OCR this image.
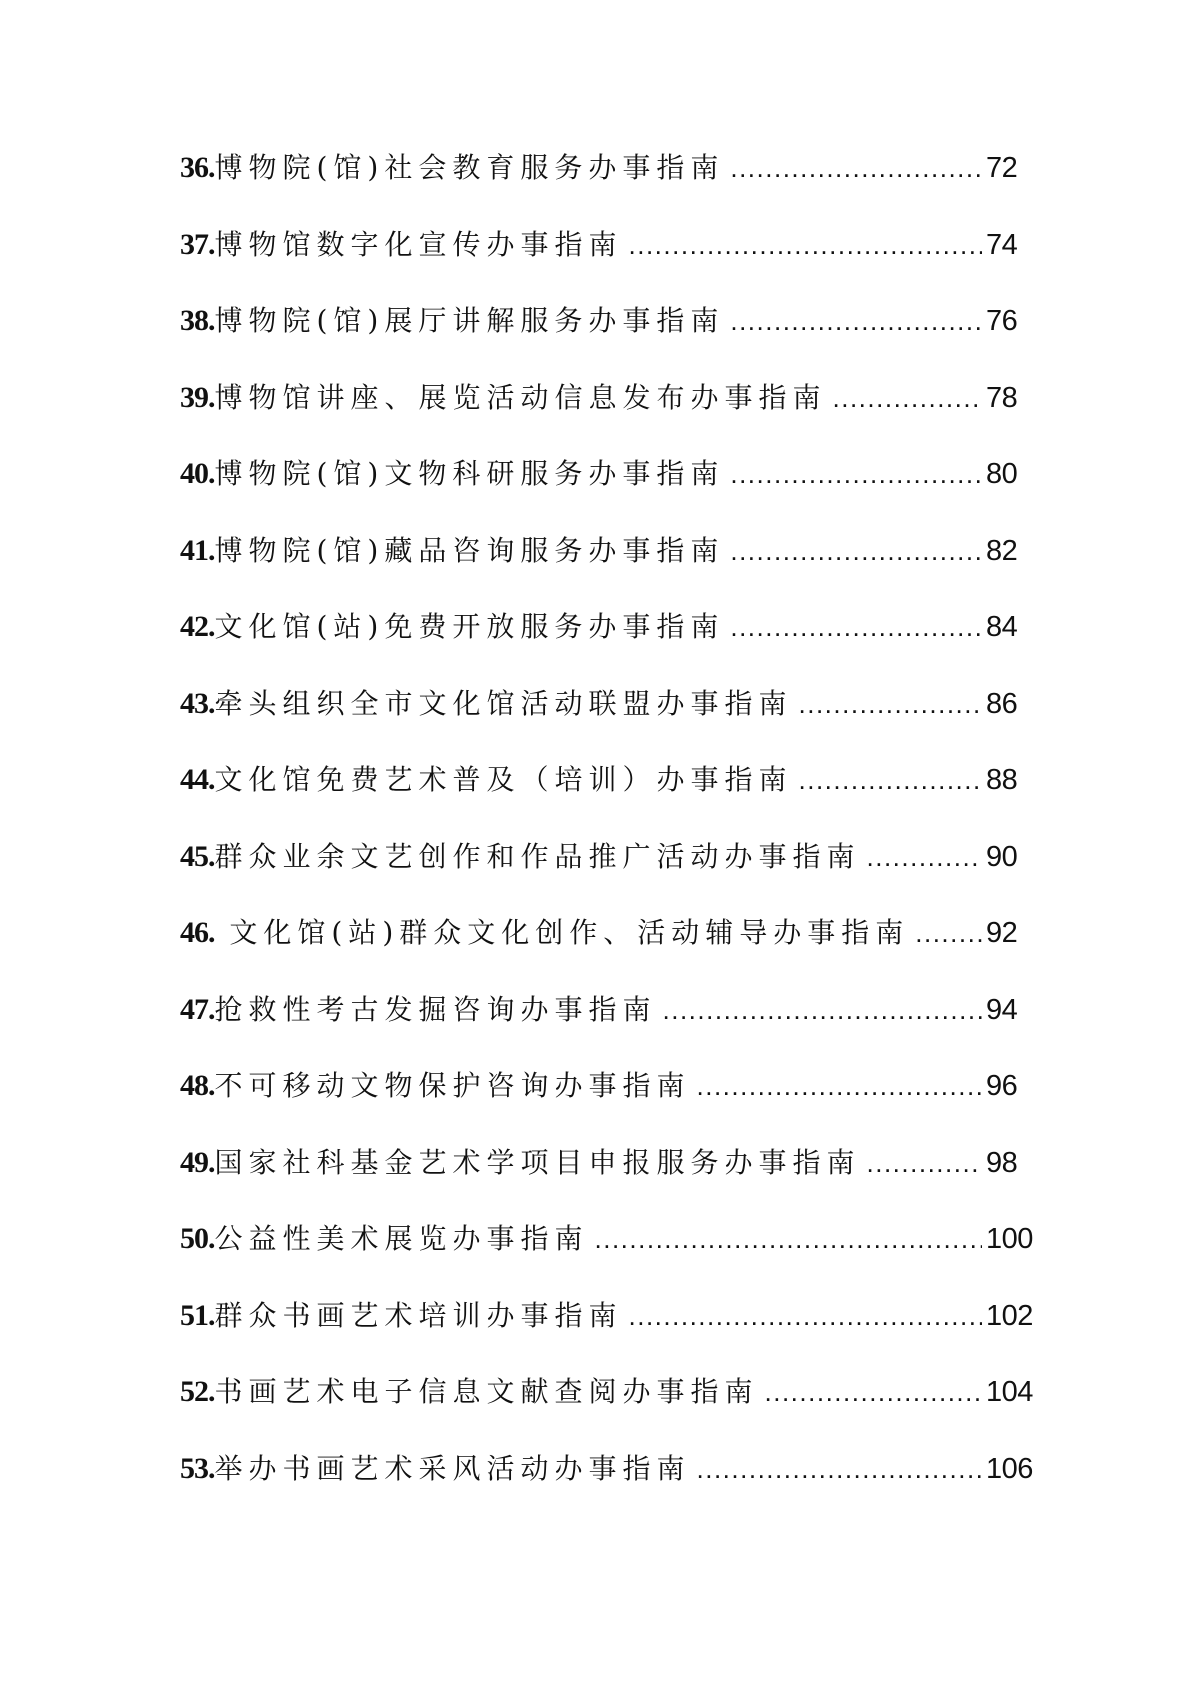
36. 博物院(馆)社会教育服务办事指南 .....	72
37. 博物馆数字化宣传办事指南 .....	74
38. 博物院(馆)展厅讲解服务办事指南 .....	76
39. 博物馆讲座、展览活动信息发布办事指南 .....	78
40. 博物院(馆)文物科研服务办事指南 .....	80
41. 博物院(馆)藏品咨询服务办事指南 .....	82
42. 文化馆(站)免费开放服务办事指南 .....	84
43. 牵头组织全市文化馆活动联盟办事指南 .....	86
44. 文化馆免费艺术普及（培训）办事指南 .....	88
45. 群众业余文艺创作和作品推广活动办事指南 .....	90
46. 文化馆(站)群众文化创作、活动辅导办事指南 .....	92
47. 抢救性考古发掘咨询办事指南 .....	94
48. 不可移动文物保护咨询办事指南 .....	96
49. 国家社科基金艺术学项目申报服务办事指南 .....	98
50. 公益性美术展览办事指南 .....	100
51. 群众书画艺术培训办事指南 .....	102
52. 书画艺术电子信息文献查阅办事指南 .....	104
53. 举办书画艺术采风活动办事指南 .....	106
